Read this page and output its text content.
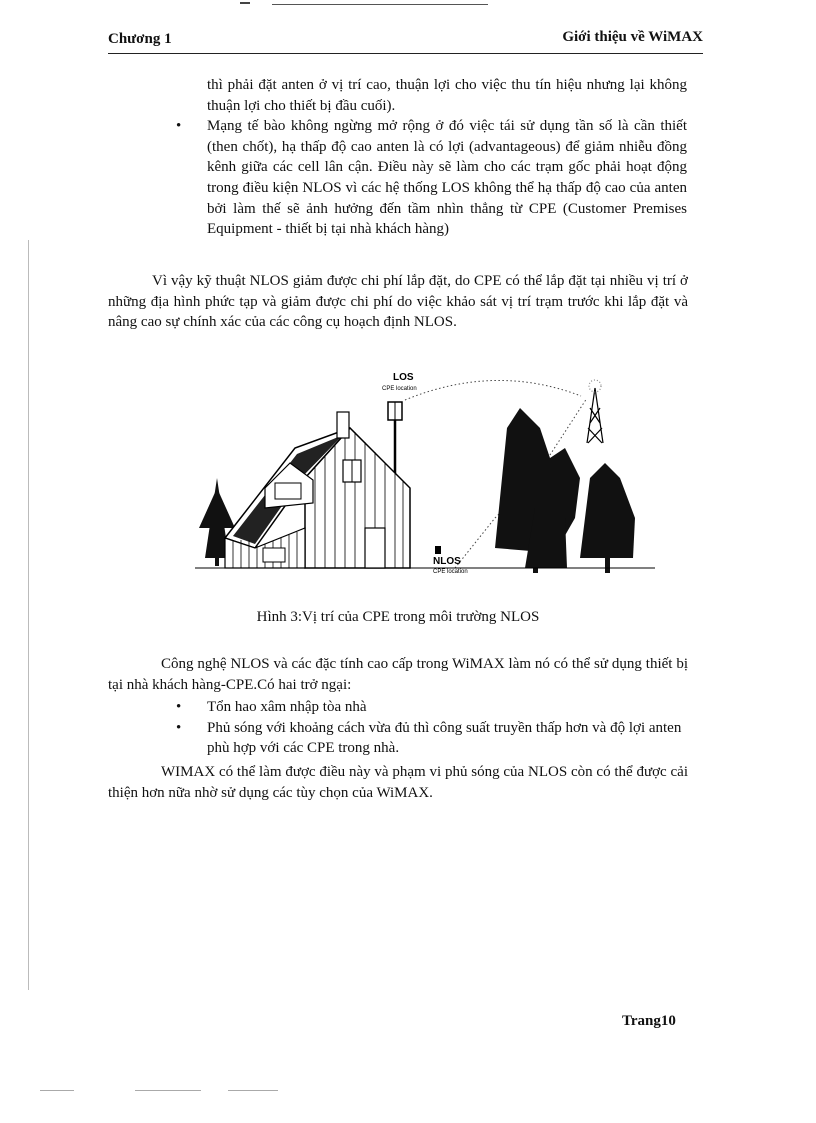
Chương 1	Giới thiệu về WiMAX
thì phải đặt anten ở vị trí cao, thuận lợi cho việc thu tín hiệu nhưng lại không thuận lợi cho thiết bị đầu cuối).
• Mạng tế bào không ngừng mở rộng ở đó việc tái sử dụng tần số là cần thiết (then chốt), hạ thấp độ cao anten là có lợi (advantageous) để giảm nhiễu đồng kênh giữa các cell lân cận. Điều này sẽ làm cho các trạm gốc phải hoạt động trong điều kiện NLOS vì các hệ thống LOS không thể hạ thấp độ cao của anten bởi làm thế sẽ ảnh hưởng đến tầm nhìn thẳng từ CPE (Customer Premises Equipment - thiết bị tại nhà khách hàng)
Vì vậy kỹ thuật NLOS giảm được chi phí lắp đặt, do CPE có thể lắp đặt tại nhiều vị trí ở những địa hình phức tạp và giảm được chi phí do việc khảo sát vị trí trạm trước khi lắp đặt và nâng cao sự chính xác của các công cụ hoạch định NLOS.
LOS
CPE location
NLOS
CPE location
Hình 3:Vị trí của CPE trong môi trường NLOS
Công nghệ NLOS và các đặc tính cao cấp trong WiMAX làm nó có thể sử dụng thiết bị tại nhà khách hàng-CPE.Có hai trở ngại:
• Tổn hao xâm nhập tòa nhà
• Phủ sóng với khoảng cách vừa đủ thì công suất truyền thấp hơn và độ lợi anten phù hợp với các CPE trong nhà.
WIMAX có thể làm được điều này và phạm vi phủ sóng của NLOS còn có thể được cải thiện hơn nữa nhờ sử dụng các tùy chọn của WiMAX.
Trang10
